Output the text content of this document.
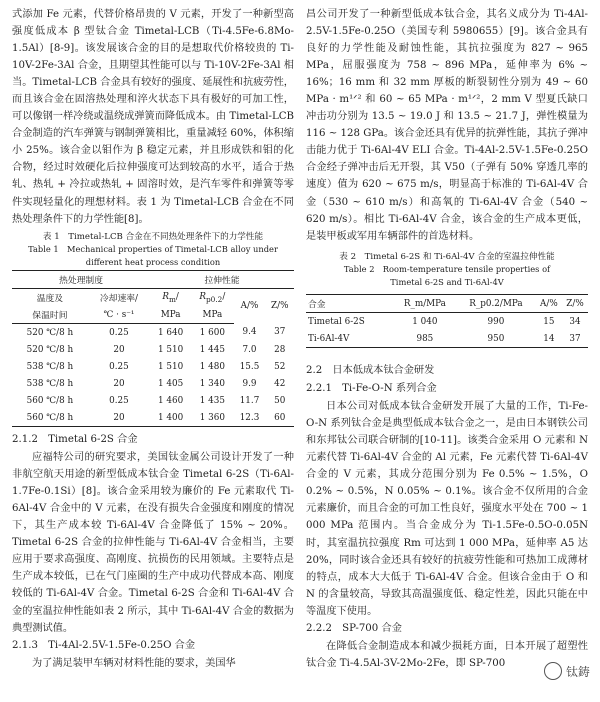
式添加 Fe 元素，代替价格昂贵的 V 元素，开发了一种新型高强度低成本 β 型钛合金 Timetal-LCB（Ti-4.5Fe-6.8Mo-1.5Al）[8-9]。该发展该合金的目的是想取代价格较贵的 Ti-10V-2Fe-3Al 合金，且期望其性能可以与 Ti-10V-2Fe-3Al 相当。Timetal-LCB 合金具有较好的强度、延展性和抗疲劳性，而且该合金在固溶热处理和淬火状态下具有极好的可加工性，可以像钢一样冷绕或温绕成弹簧而降低成本。由 Timetal-LCB 合金制造的汽车弹簧与钢制弹簧相比，重量减轻 60%，体积缩小 25%。该合金以钼作为 β 稳定元素，并且形成铁和钼的化合物，经过时效硬化后拉伸强度可达到较高的水平，适合于热轧、热轧 + 冷拉或热轧 + 固溶时效，是汽车零件和弹簧等零件实现轻量化的理想材料。表 1 为 Timetal-LCB 合金在不同热处理条件下的力学性能[8]。

表 1　Timetal-LCB 合金在不同热处理条件下的力学性能

Table 1　Mechanical properties of Timetal-LCB alloy under

different heat process condition

热处理制度		拉伸性能			
温度及	冷却速率/	$R_m/$	$R_{p0.2}/$	A/%	Z/%
保温时间	℃ · s⁻¹	MPa	MPa		
520 ℃/8 h	0.25	1 640	1 600	9.4	37
520 ℃/8 h	20	1 510	1 445	7.0	28
538 ℃/8 h	0.25	1 510	1 480	15.5	52
538 ℃/8 h	20	1 405	1 340	9.9	42
560 ℃/8 h	0.25	1 460	1 435	11.7	50
560 ℃/8 h	20	1 400	1 360	12.3	60

2.1.2　Timetal 6-2S 合金

应福特公司的研究要求，美国钛金属公司设计开发了一种非航空航天用途的新型低成本钛合金 Timetal 6-2S（Ti-6Al-1.7Fe-0.1Si）[8]。该合金采用较为廉价的 Fe 元素取代 Ti-6Al-4V 合金中的 V 元素，在没有损失合金强度和刚度的情况下，其生产成本较 Ti-6Al-4V 合金降低了 15% ~ 20%。Timetal 6-2S 合金的拉伸性能与 Ti-6Al-4V 合金相当，主要应用于要求高强度、高刚度、抗损伤的民用领域。主要特点是生产成本较低，已在气门座圈的生产中成功代替成本高、刚度较低的 Ti-6Al-4V 合金。Timetal 6-2S 合金和 Ti-6Al-4V 合金的室温拉伸性能如表 2 所示，其中 Ti-6Al-4V 合金的数据为典型测试值。

2.1.3　Ti-4Al-2.5V-1.5Fe-0.25O 合金

为了满足装甲车辆对材料性能的要求，美国华

昌公司开发了一种新型低成本钛合金，其名义成分为 Ti-4Al-2.5V-1.5Fe-0.25O（美国专利 5980655）[9]。该合金具有良好的力学性能及耐蚀性能，其抗拉强度为 827 ~ 965 MPa，屈服强度为 758 ~ 896 MPa，延伸率为 6% ~ 16%；16 mm 和 32 mm 厚板的断裂韧性分别为 49 ~ 60 MPa · m¹ᐟ² 和 60 ~ 65 MPa · m¹ᐟ²，2 mm V 型夏氏缺口冲击功分别为 13.5 ~ 19.0 J 和 13.5 ~ 21.7 J，弹性模量为 116 ~ 128 GPa。该合金还具有优异的抗弹性能，其抗子弹冲击能力优于 Ti-6Al-4V ELI 合金。Ti-4Al-2.5V-1.5Fe-0.25O 合金经子弹冲击后无开裂，其 V50（子弹有 50% 穿透几率的速度）值为 620 ~ 675 m/s，明显高于标准的 Ti-6Al-4V 合金（530 ~ 610 m/s）和高氧的 Ti-6Al-4V 合金（540 ~ 620 m/s）。相比 Ti-6Al-4V 合金，该合金的生产成本更低，是装甲板或军用车辆部件的首选材料。

表 2　Timetal 6-2S 和 Ti-6Al-4V 合金的室温拉伸性能

Table 2　Room-temperature tensile properties of

Timetal 6-2S and Ti-6Al-4V

合金	R_m/MPa	R_p0.2/MPa	A/%	Z/%
Timetal 6-2S	1 040	990	15	34
Ti-6Al-4V	985	950	14	37

2.2　日本低成本钛合金研发

2.2.1　Ti-Fe-O-N 系列合金

日本公司对低成本钛合金研发开展了大量的工作，Ti-Fe-O-N 系列钛合金是典型低成本钛合金之一，是由日本钢铁公司和东邦钛公司联合研制的[10-11]。该类合金采用 O 元素和 N 元素代替 Ti-6Al-4V 合金的 Al 元素，Fe 元素代替 Ti-6Al-4V 合金的 V 元素，其成分范围分别为 Fe 0.5% ~ 1.5%，O 0.2% ~ 0.5%，N 0.05% ~ 0.1%。该合金不仅所用的合金元素廉价，而且合金的可加工性良好，强度水平处在 700 ~ 1 000 MPa 范围内。当合金成分为 Ti-1.5Fe-0.5O-0.05N 时，其室温抗拉强度 Rm 可达到 1 000 MPa，延伸率 A5 达 20%，同时该合金还具有较好的抗疲劳性能和可热加工成薄材的特点，成本大大低于 Ti-6Al-4V 合金。但该合金由于 O 和 N 的含量较高，导致其高温强度低、稳定性差，因此只能在中等温度下使用。

2.2.2　SP-700 合金

在降低合金制造成本和减少损耗方面，日本开展了超塑性钛合金 Ti-4.5Al-3V-2Mo-2Fe，即 SP-700

钛鋳
